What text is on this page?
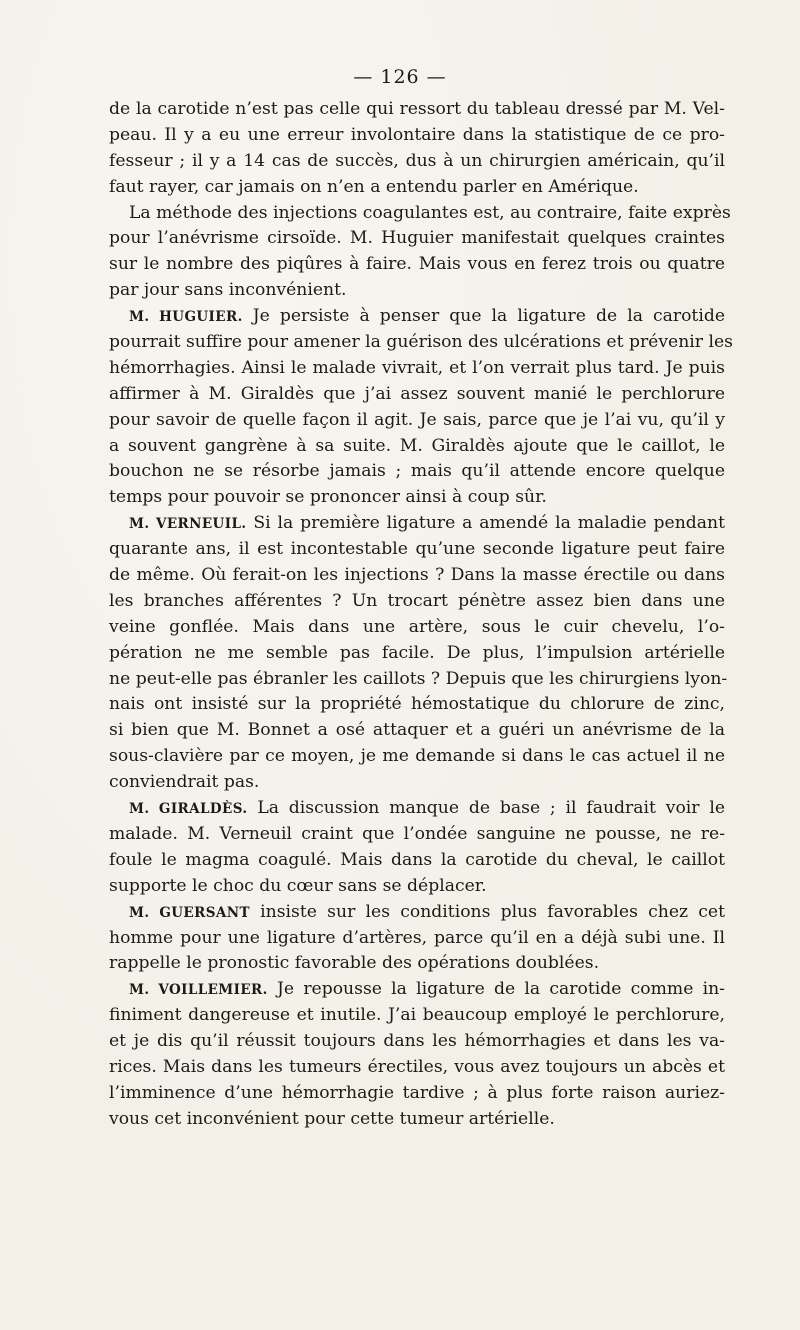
— 126 —
de la carotide n’est pas celle qui ressort du tableau dressé par M. Vel-
peau. Il y a eu une erreur involontaire dans la statistique de ce pro-
fesseur ; il y a 14 cas de succès, dus à un chirurgien américain, qu’il
faut rayer, car jamais on n’en a entendu parler en Amérique.
La méthode des injections coagulantes est, au contraire, faite exprès
pour l’anévrisme cirsoïde. M. Huguier manifestait quelques craintes
sur le nombre des piqûres à faire. Mais vous en ferez trois ou quatre
par jour sans inconvénient.
M. HUGUIER. Je persiste à penser que la ligature de la carotide
pourrait suffire pour amener la guérison des ulcérations et prévenir les
hémorrhagies. Ainsi le malade vivrait, et l’on verrait plus tard. Je puis
affirmer à M. Giraldès que j’ai assez souvent manié le perchlorure
pour savoir de quelle façon il agit. Je sais, parce que je l’ai vu, qu’il y
a souvent gangrène à sa suite. M. Giraldès ajoute que le caillot, le
bouchon ne se résorbe jamais ; mais qu’il attende encore quelque
temps pour pouvoir se prononcer ainsi à coup sûr.
M. VERNEUIL. Si la première ligature a amendé la maladie pendant
quarante ans, il est incontestable qu’une seconde ligature peut faire
de même. Où ferait-on les injections ? Dans la masse érectile ou dans
les branches afférentes ? Un trocart pénètre assez bien dans une
veine gonflée. Mais dans une artère, sous le cuir chevelu, l’o-
pération ne me semble pas facile. De plus, l’impulsion artérielle
ne peut-elle pas ébranler les caillots ? Depuis que les chirurgiens lyon-
nais ont insisté sur la propriété hémostatique du chlorure de zinc,
si bien que M. Bonnet a osé attaquer et a guéri un anévrisme de la
sous-clavière par ce moyen, je me demande si dans le cas actuel il ne
conviendrait pas.
M. GIRALDÈS. La discussion manque de base ; il faudrait voir le
malade. M. Verneuil craint que l’ondée sanguine ne pousse, ne re-
foule le magma coagulé. Mais dans la carotide du cheval, le caillot
supporte le choc du cœur sans se déplacer.
M. GUERSANT insiste sur les conditions plus favorables chez cet
homme pour une ligature d’artères, parce qu’il en a déjà subi une. Il
rappelle le pronostic favorable des opérations doublées.
M. VOILLEMIER. Je repousse la ligature de la carotide comme in-
finiment dangereuse et inutile. J’ai beaucoup employé le perchlorure,
et je dis qu’il réussit toujours dans les hémorrhagies et dans les va-
rices. Mais dans les tumeurs érectiles, vous avez toujours un abcès et
l’imminence d’une hémorrhagie tardive ; à plus forte raison auriez-
vous cet inconvénient pour cette tumeur artérielle.
